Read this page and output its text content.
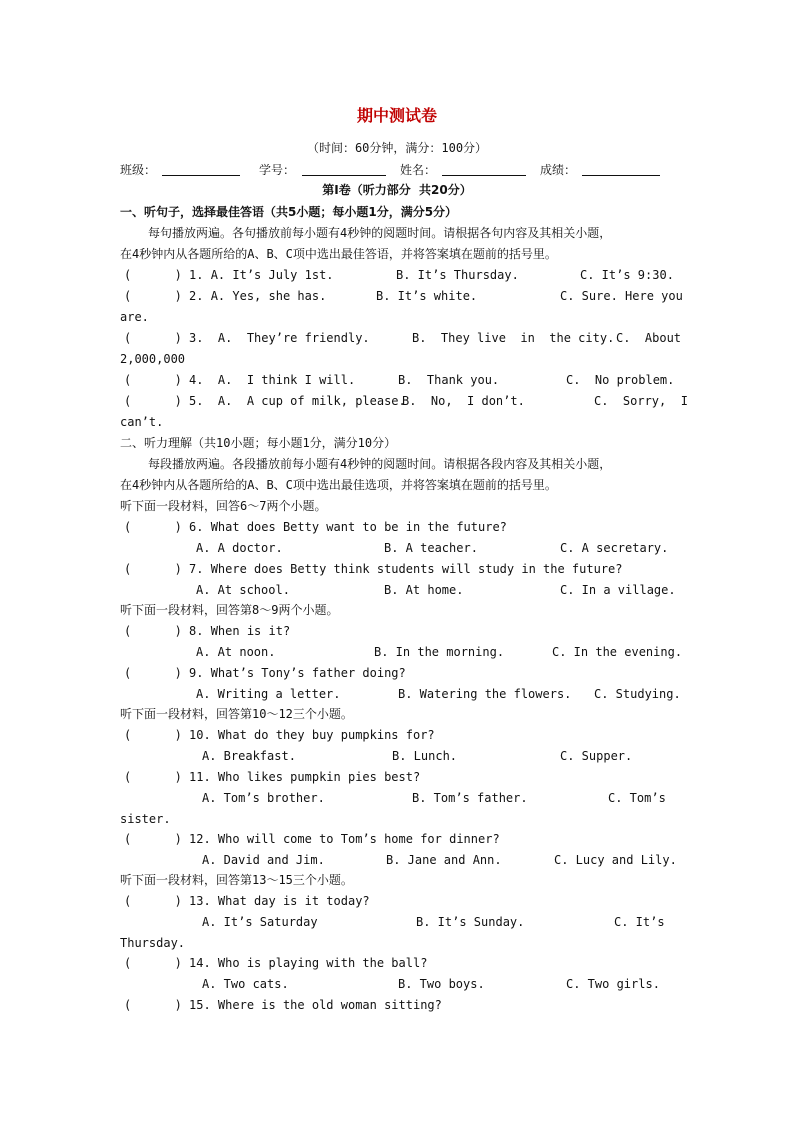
期中测试卷
（时间：60分钟，满分：100分）
班级：	学号：	姓名：	成绩：
第Ⅰ卷（听力部分  共20分）
一、听句子，选择最佳答语（共5小题；每小题1分，满分5分）
每句播放两遍。各句播放前每小题有4秒钟的阅题时间。请根据各句内容及其相关小题，
在4秒钟内从各题所给的A、B、C项中选出最佳答语，并将答案填在题前的括号里。
(      ) 1. A. It’s July 1st.	B. It’s Thursday.	C. It’s 9:30.
(      ) 2. A. Yes, she has.	B. It’s white.	C. Sure. Here you
are.
(      ) 3.  A.  They’re friendly.	B.  They live  in  the city. C.  About
2,000,000
(      ) 4.  A.  I think I will.	B.  Thank you.	C.  No problem.
(      ) 5.  A.  A cup of milk, please.
B.  No,  I don’t.	C.  Sorry,  I
can’t.
二、听力理解（共10小题；每小题1分，满分10分）
每段播放两遍。各段播放前每小题有4秒钟的阅题时间。请根据各段内容及其相关小题，
在4秒钟内从各题所给的A、B、C项中选出最佳选项，并将答案填在题前的括号里。
听下面一段材料，回答6～7两个小题。
(      ) 6. What does Betty want to be in the future?
A. A doctor.	B. A teacher.	C. A secretary.
(      ) 7. Where does Betty think students will study in the future?
A. At school.	B. At home.	C. In a village.
听下面一段材料，回答第8～9两个小题。
(      ) 8. When is it?
A. At noon.	B. In the morning.	C. In the evening.
(      ) 9. What’s Tony’s father doing?
A. Writing a letter.	B. Watering the flowers. C. Studying.
听下面一段材料，回答第10～12三个小题。
(      ) 10. What do they buy pumpkins for?
A. Breakfast.	B. Lunch.	C. Supper.
(      ) 11. Who likes pumpkin pies best?
A. Tom’s brother.	B. Tom’s father.	C. Tom’s
sister.
(      ) 12. Who will come to Tom’s home for dinner?
A. David and Jim.	B. Jane and Ann.	C. Lucy and Lily.
听下面一段材料，回答第13～15三个小题。
(      ) 13. What day is it today?
A. It’s Saturday	B. It’s Sunday.	C. It’s
Thursday.
(      ) 14. Who is playing with the ball?
A. Two cats.	B. Two boys.	C. Two girls.
(      ) 15. Where is the old woman sitting?
